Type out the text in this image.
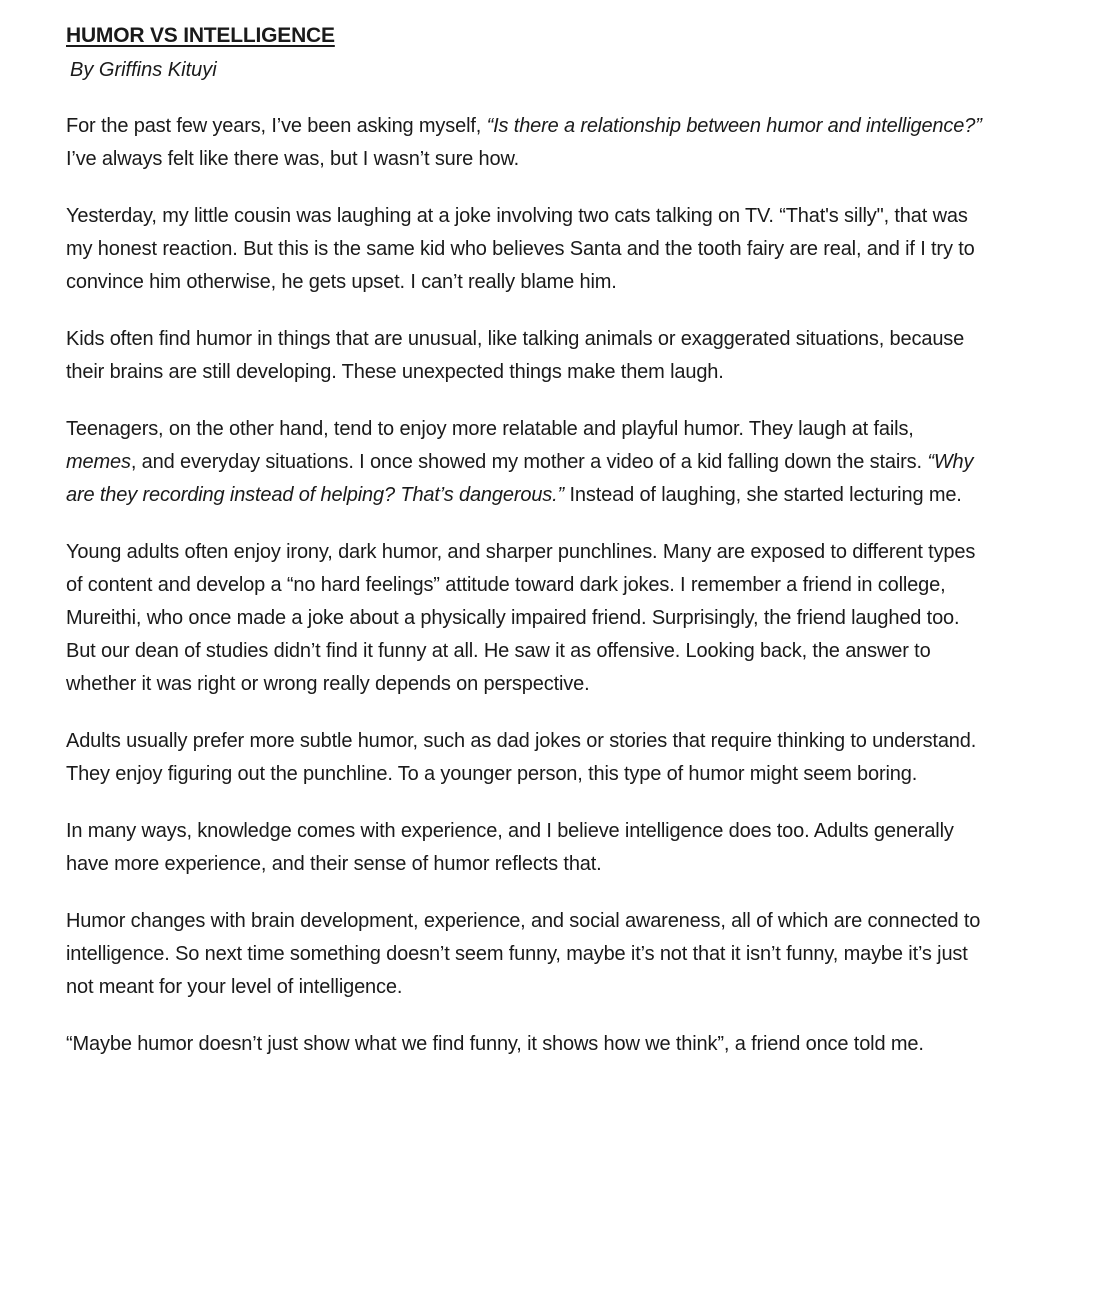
HUMOR VS INTELLIGENCE
By Griffins Kituyi

For the past few years, I’ve been asking myself, “Is there a relationship between humor and intelligence?” I’ve always felt like there was, but I wasn’t sure how.

Yesterday, my little cousin was laughing at a joke involving two cats talking on TV. “That's silly", that was my honest reaction. But this is the same kid who believes Santa and the tooth fairy are real, and if I try to convince him otherwise, he gets upset. I can’t really blame him.

Kids often find humor in things that are unusual, like talking animals or exaggerated situations, because their brains are still developing. These unexpected things make them laugh.

Teenagers, on the other hand, tend to enjoy more relatable and playful humor. They laugh at fails, memes, and everyday situations. I once showed my mother a video of a kid falling down the stairs. “Why are they recording instead of helping? That’s dangerous.” Instead of laughing, she started lecturing me.

Young adults often enjoy irony, dark humor, and sharper punchlines. Many are exposed to different types of content and develop a “no hard feelings” attitude toward dark jokes. I remember a friend in college, Mureithi, who once made a joke about a physically impaired friend. Surprisingly, the friend laughed too. But our dean of studies didn’t find it funny at all. He saw it as offensive. Looking back, the answer to whether it was right or wrong really depends on perspective.

Adults usually prefer more subtle humor, such as dad jokes or stories that require thinking to understand. They enjoy figuring out the punchline. To a younger person, this type of humor might seem boring.

In many ways, knowledge comes with experience, and I believe intelligence does too. Adults generally have more experience, and their sense of humor reflects that.

Humor changes with brain development, experience, and social awareness, all of which are connected to intelligence. So next time something doesn’t seem funny, maybe it’s not that it isn’t funny, maybe it’s just not meant for your level of intelligence.

“Maybe humor doesn’t just show what we find funny, it shows how we think”, a friend once told me.
